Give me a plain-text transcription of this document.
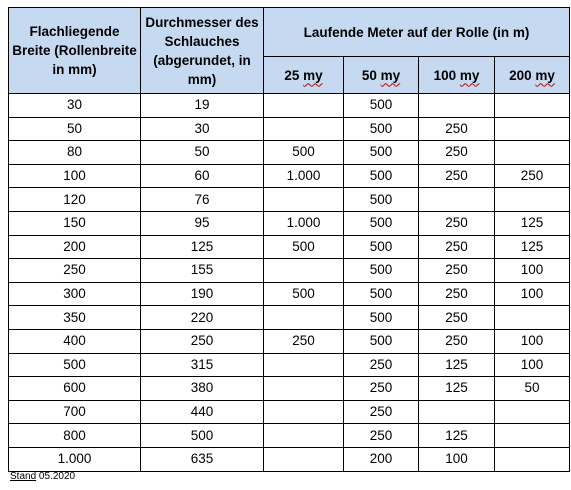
Flachliegende Breite (Rollenbreite in mm)	Durchmesser des Schlauches (abgerundet, in mm)	Laufende Meter auf der Rolle (in m)			
		25 my	50 my	100 my	200 my
30	19		500		
50	30		500	250	
80	50	500	500	250	
100	60	1.000	500	250	250
120	76		500		
150	95	1.000	500	250	125
200	125	500	500	250	125
250	155		500	250	100
300	190	500	500	250	100
350	220		500	250	
400	250	250	500	250	100
500	315		250	125	100
600	380		250	125	50
700	440		250		
800	500		250	125	
1.000	635		200	100	
Stand 05.2020
